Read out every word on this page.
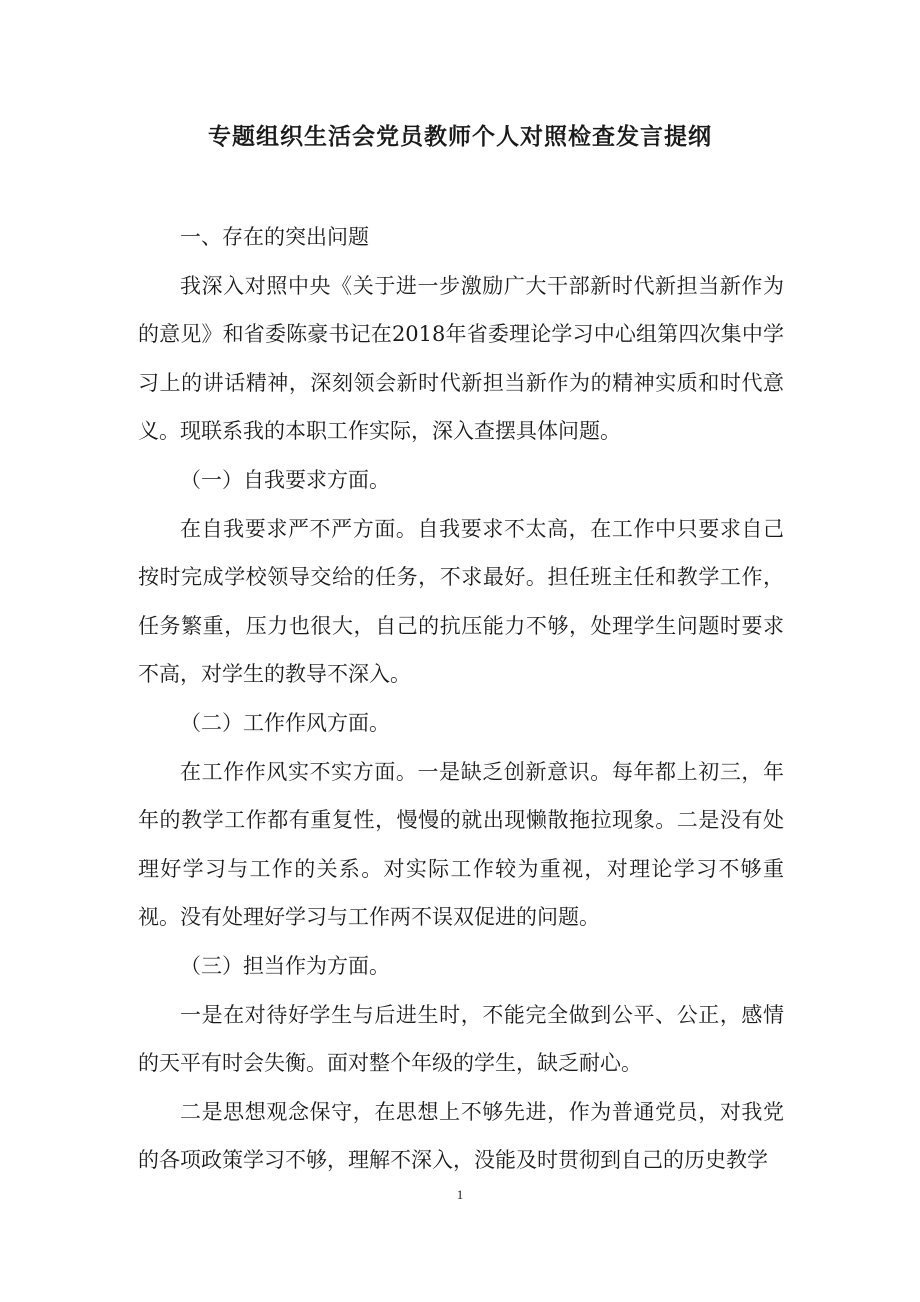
专题组织生活会党员教师个人对照检查发言提纲

一、存在的突出问题

我深入对照中央《关于进一步激励广大干部新时代新担当新作为的意见》和省委陈豪书记在2018年省委理论学习中心组第四次集中学习上的讲话精神，深刻领会新时代新担当新作为的精神实质和时代意义。现联系我的本职工作实际，深入查摆具体问题。

（一）自我要求方面。

在自我要求严不严方面。自我要求不太高，在工作中只要求自己按时完成学校领导交给的任务，不求最好。担任班主任和教学工作，任务繁重，压力也很大，自己的抗压能力不够，处理学生问题时要求不高，对学生的教导不深入。

（二）工作作风方面。

在工作作风实不实方面。一是缺乏创新意识。每年都上初三，年年的教学工作都有重复性，慢慢的就出现懒散拖拉现象。二是没有处理好学习与工作的关系。对实际工作较为重视，对理论学习不够重视。没有处理好学习与工作两不误双促进的问题。

（三）担当作为方面。

一是在对待好学生与后进生时，不能完全做到公平、公正，感情的天平有时会失衡。面对整个年级的学生，缺乏耐心。

二是思想观念保守，在思想上不够先进，作为普通党员，对我党的各项政策学习不够，理解不深入，没能及时贯彻到自己的历史教学

1
